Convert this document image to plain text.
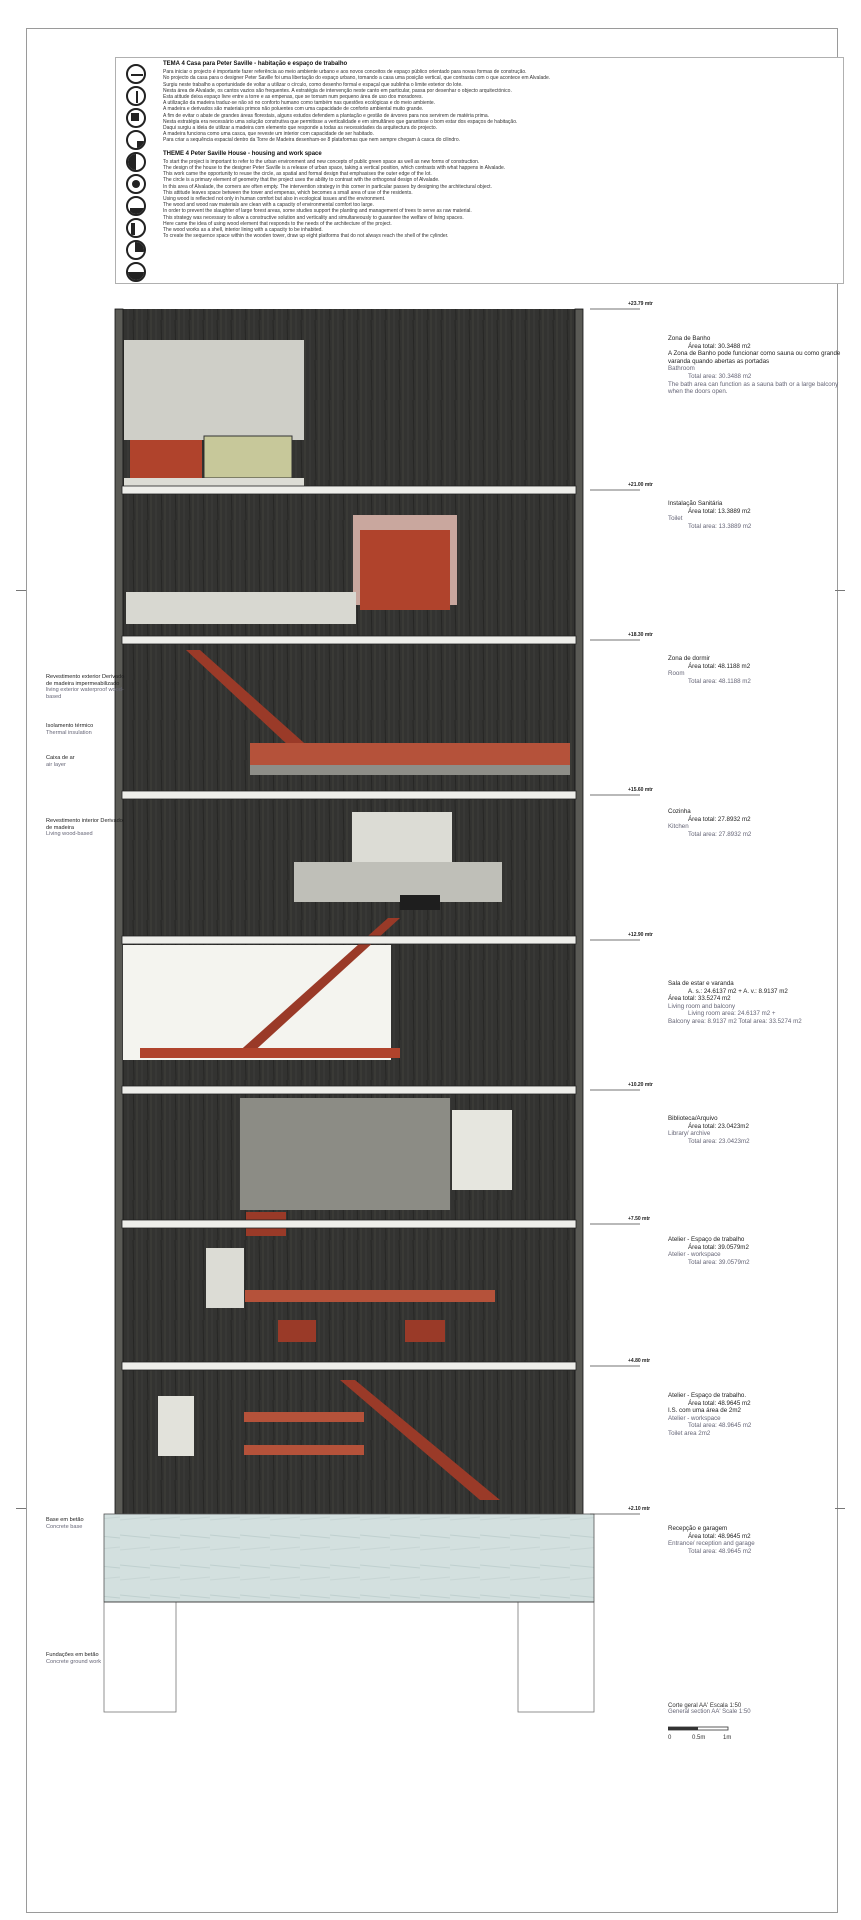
TEMA 4 Casa para Peter Saville - habitação e espaço de trabalho
Para iniciar o projecto é importante fazer referência ao meio ambiente urbano e aos novos conceitos de espaço público orientado para novas formas de construção.
No projecto da casa para o designer Peter Saville foi uma libertação do espaço urbano, tomando a casa uma posição vertical, que contrasta com o que acontece em Alvalade.
Surgiu neste trabalho a oportunidade de voltar a utilizar o círculo, como desenho formal e espaçal que sublinha o limite exterior do lote.
Nesta área de Alvalade, os cantos vazios são frequentes. A estratégia de intervenção neste canto em particular, passa por desenhar o objecto arquitectónico.
Esta atitude deixa espaço livre entre a torre e as empenas, que se tornam num pequeno área de uso dos moradores.
A utilização da madeira traduz-se não só no conforto humano como também nas questões ecológicas e do meio ambiente.
A madeira e derivados são materiais primos não poluentes com uma capacidade de conforto ambiental muito grande.
A fim de evitar o abate de grandes áreas florestais, alguns estudos defendem a plantação e gestão de árvores para nos servirem de matéria prima.
Nesta estratégia era necessário uma solução construtiva que permitisse a verticalidade e em simultâneo que garantisse o bom estar dos espaços de habitação.
Daqui surgiu a ideia de utilizar a madeira com elemento que responde a todas as necessidades da arquitectura do projecto.
A madeira funciona como uma casca, que reveste um interior com capacidade de ser habitado.
Para criar a sequência espacial dentro da Torre de Madeira desenham-se 8 plataformas que nem sempre chegam à casca do cilindro.
THEME 4 Peter Saville House - housing and work space
To start the project is important to refer to the urban environment and new concepts of public green space as well as new forms of construction.
The design of the house to the designer Peter Saville is a release of urban space, taking a vertical position, which contrasts with what happens in Alvalade.
This work came the opportunity to reuse the circle, as spatial and formal design that emphasises the outer edge of the lot.
The circle is a primary element of geometry that the project uses the ability to contrast with the orthogonal design of Alvalade.
In this area of Alvalade, the corners are often empty. The intervention strategy in this corner in particular passes by designing the architectural object.
This attitude leaves space between the tower and empenas, which becomes a small area of use of the residents.
Using wood is reflected not only in human comfort but also in ecological issues and the environment.
The wood and wood raw materials are clean with a capacity of environmental comfort too large.
In order to prevent the slaughter of large forest areas, some studies support the planting and management of trees to serve as raw material.
This strategy was necessary to allow a constructive solution and verticality and simultaneously to guarantee the welfare of living spaces.
Here came the idea of using wood element that responds to the needs of the architecture of the project.
The wood works as a shell, interior lining with a capacity to be inhabited.
To create the sequence space within the wooden tower, draw up eight platforms that do not always reach the shell of the cylinder.
+23.79 mtr
+21.00 mtr
+18.30 mtr
+15.60 mtr
+12.90 mtr
+10.20 mtr
+7.50 mtr
+4.80 mtr
+2.10 mtr
Zona de Banho
Área total: 30.3488 m2
A Zona de Banho pode funcionar como sauna ou como grande varanda quando abertas as portadas
Bathroom
Total area: 30.3488 m2
The bath area can function as a sauna bath or a large balcony when the doors open.
Instalação Sanitária
Área total: 13.3889 m2
Toilet
Total area: 13.3889 m2
Zona de dormir
Área total: 48.1188 m2
Room
Total area: 48.1188 m2
Cozinha
Área total: 27.8932 m2
Kitchen
Total area: 27.8932 m2
Sala de estar e varanda
A. s.: 24.6137 m2 + A. v.: 8.9137 m2
Área total: 33.5274 m2
Living room and balcony
Living room area: 24.6137 m2 +
Balcony area: 8.9137 m2 Total area: 33.5274 m2
Biblioteca/Arquivo
Área total: 23.0423m2
Library/ archive
Total area: 23.0423m2
Atelier - Espaço de trabalho
Área total: 39.0579m2
Atelier - workspace
Total area: 39.0579m2
Atelier - Espaço de trabalho.
Área total: 48.9645 m2
I.S. com uma área de 2m2
Atelier - workspace
Total area: 48.9645 m2
Toilet area 2m2
Recepção e garagem
Área total: 48.9645 m2
Entrance/ reception and garage
Total area: 48.9645 m2
Revestimento exterior Derivado de madeira impermeabilizado
living exterior waterproof wood-based
Isolamento térmico
Thermal insulation
Caixa de ar
air layer
Revestimento interior Derivado de madeira
Living wood-based
Base em betão
Concrete base
Fundações em betão
Concrete ground work
Corte geral AA' Escala 1:50
General section AA' Scale 1:50
0	0.5m	1m
